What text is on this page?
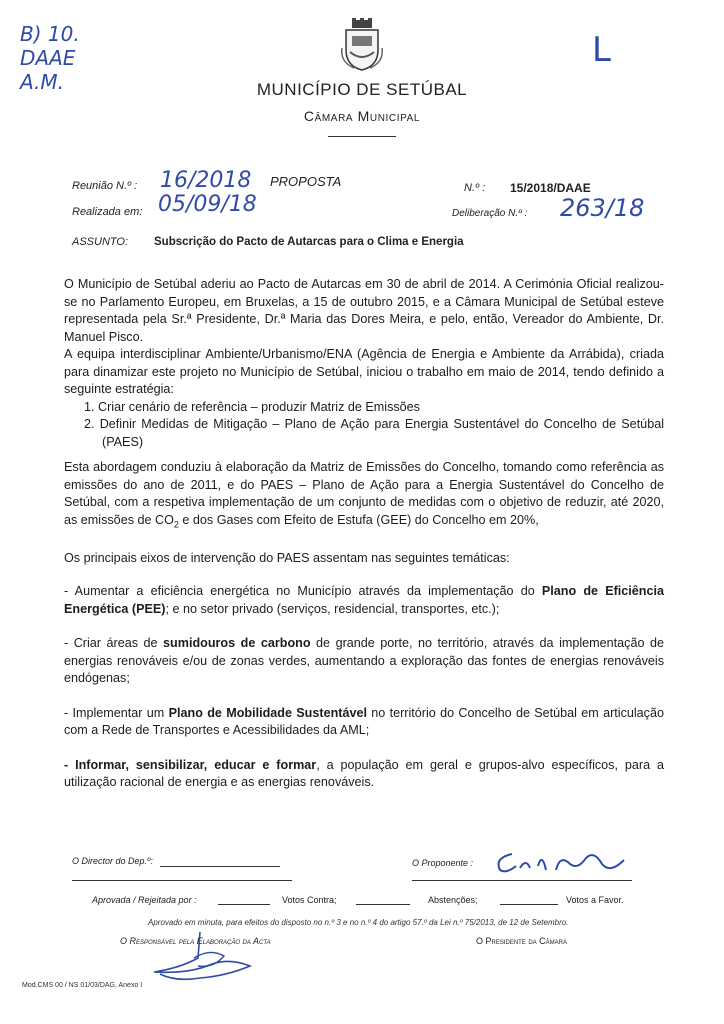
B) 10.
DAAE
A.M.
L
MUNICÍPIO DE SETÚBAL
Câmara Municipal
Reunião N.º : 16/2018 PROPOSTA
Realizada em: 05/09/18
N.º : 15/2018/DAAE
Deliberação N.º : 263/18
ASSUNTO: Subscrição do Pacto de Autarcas para o Clima e Energia

O Município de Setúbal aderiu ao Pacto de Autarcas em 30 de abril de 2014. A Cerimónia Oficial realizou-se no Parlamento Europeu, em Bruxelas, a 15 de outubro 2015, e a Câmara Municipal de Setúbal esteve representada pela Sr.ª Presidente, Dr.ª Maria das Dores Meira, e pelo, então, Vereador do Ambiente, Dr. Manuel Pisco.

A equipa interdisciplinar Ambiente/Urbanismo/ENA (Agência de Energia e Ambiente da Arrábida), criada para dinamizar este projeto no Município de Setúbal, iniciou o trabalho em maio de 2014, tendo definido a seguinte estratégia:

1. Criar cenário de referência – produzir Matriz de Emissões

2. Definir Medidas de Mitigação – Plano de Ação para Energia Sustentável do Concelho de Setúbal (PAES)

Esta abordagem conduziu à elaboração da Matriz de Emissões do Concelho, tomando como referência as emissões do ano de 2011, e do PAES – Plano de Ação para a Energia Sustentável do Concelho de Setúbal, com a respetiva implementação de um conjunto de medidas com o objetivo de reduzir, até 2020, as emissões de $CO_2$ e dos Gases com Efeito de Estufa (GEE) do Concelho em 20%,

Os principais eixos de intervenção do PAES assentam nas seguintes temáticas:

- Aumentar a eficiência energética no Município através da implementação do Plano de Eficiência Energética (PEE); e no setor privado (serviços, residencial, transportes, etc.);

- Criar áreas de sumidouros de carbono de grande porte, no território, através da implementação de energias renováveis e/ou de zonas verdes, aumentando a exploração das fontes de energias renováveis endógenas;

- Implementar um Plano de Mobilidade Sustentável no território do Concelho de Setúbal em articulação com a Rede de Transportes e Acessibilidades da AML;

- Informar, sensibilizar, educar e formar, a população em geral e grupos-alvo específicos, para a utilização racional de energia e as energias renováveis.

O Director do Dep.º:	O Proponente :
Aprovada / Rejeitada por :	Votos Contra;	Abstenções;	Votos a Favor.
Aprovado em minuta, para efeitos do disposto no n.º 3 e no n.º 4 do artigo 57.º da Lei n.º 75/2013, de 12 de Setembro.
O Responsável pela Elaboração da Acta	O Presidente da Câmara
Mod.CMS 00 / NS 01/03/DAG, Anexo I
